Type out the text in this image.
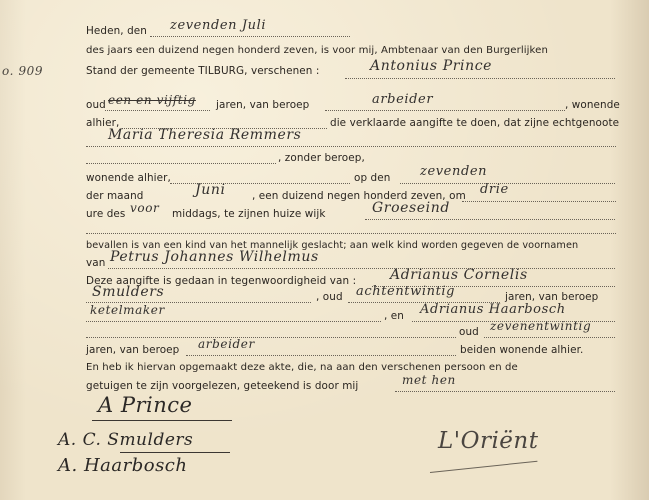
o. 909
Heden, den zevenden Juli
des jaars een duizend negen honderd zeven, is voor mij, Ambtenaar van den Burgerlijken
Stand der gemeente TILBURG, verschenen :	Antonius Prince
oud een en vijftig jaren, van beroep	arbeider	, wonende
alhier,	die verklaarde aangifte te doen, dat zijne echtgenoote
Maria Theresia Remmers
, zonder beroep,
wonende alhier,	op den zevenden
der maand	Juni	, een duizend negen honderd zeven, om drie
ure des voor middags, te zijnen huize wijk	Groeseind
bevallen is van een kind van het mannelijk geslacht; aan welk kind worden gegeven de voornamen
van Petrus Johannes Wilhelmus
Deze aangifte is gedaan in tegenwoordigheid van : Adrianus Cornelis
Smulders	, oud achtentwintig	jaren, van beroep
ketelmaker	, en Adrianus Haarbosch
oud zevenentwintig
jaren, van beroep arbeider	beiden wonende alhier.
En heb ik hiervan opgemaakt deze akte, die, na aan den verschenen persoon en de
getuigen te zijn voorgelezen, geteekend is door mij	met hen
A Prince
A. C. Smulders
A. Haarbosch
L'Oriënt
